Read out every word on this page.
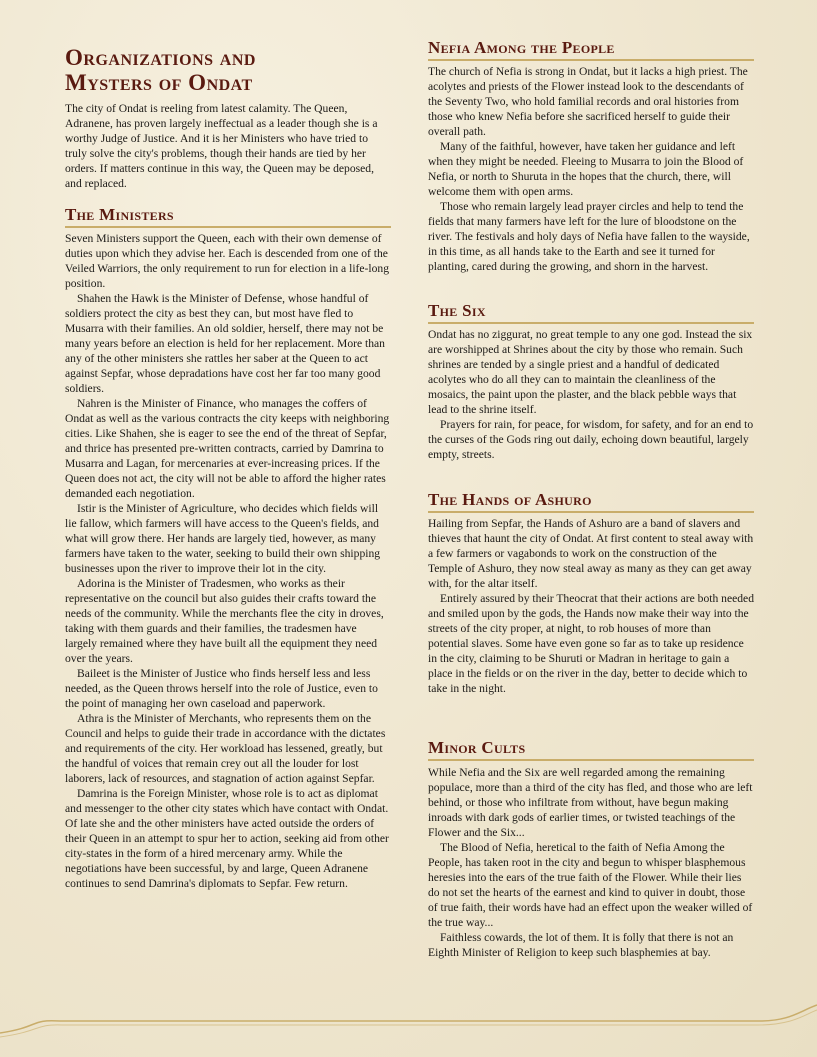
Organizations and
Mysters of Ondat

The city of Ondat is reeling from latest calamity. The Queen, Adranene, has proven largely ineffectual as a leader though she is a worthy Judge of Justice. And it is her Ministers who have tried to truly solve the city's problems, though their hands are tied by her orders. If matters continue in this way, the Queen may be deposed, and replaced.

The Ministers

Seven Ministers support the Queen, each with their own demense of duties upon which they advise her. Each is descended from one of the Veiled Warriors, the only requirement to run for election in a life-long position.

Shahen the Hawk is the Minister of Defense, whose handful of soldiers protect the city as best they can, but most have fled to Musarra with their families. An old soldier, herself, there may not be many years before an election is held for her replacement. More than any of the other ministers she rattles her saber at the Queen to act against Sepfar, whose depradations have cost her far too many good soldiers.

Nahren is the Minister of Finance, who manages the coffers of Ondat as well as the various contracts the city keeps with neighboring cities. Like Shahen, she is eager to see the end of the threat of Sepfar, and thrice has presented pre-written contracts, carried by Damrina to Musarra and Lagan, for mercenaries at ever-increasing prices. If the Queen does not act, the city will not be able to afford the higher rates demanded each negotiation.

Istir is the Minister of Agriculture, who decides which fields will lie fallow, which farmers will have access to the Queen's fields, and what will grow there. Her hands are largely tied, however, as many farmers have taken to the water, seeking to build their own shipping businesses upon the river to improve their lot in the city.

Adorina is the Minister of Tradesmen, who works as their representative on the council but also guides their crafts toward the needs of the community. While the merchants flee the city in droves, taking with them guards and their families, the tradesmen have largely remained where they have built all the equipment they need over the years.

Baileet is the Minister of Justice who finds herself less and less needed, as the Queen throws herself into the role of Justice, even to the point of managing her own caseload and paperwork.

Athra is the Minister of Merchants, who represents them on the Council and helps to guide their trade in accordance with the dictates and requirements of the city. Her workload has lessened, greatly, but the handful of voices that remain crey out all the louder for lost laborers, lack of resources, and stagnation of action against Sepfar.

Damrina is the Foreign Minister, whose role is to act as diplomat and messenger to the other city states which have contact with Ondat. Of late she and the other ministers have acted outside the orders of their Queen in an attempt to spur her to action, seeking aid from other city-states in the form of a hired mercenary army. While the negotiations have been successful, by and large, Queen Adranene continues to send Damrina's diplomats to Sepfar. Few return.

Nefia Among the People

The church of Nefia is strong in Ondat, but it lacks a high priest. The acolytes and priests of the Flower instead look to the descendants of the Seventy Two, who hold familial records and oral histories from those who knew Nefia before she sacrificed herself to guide their overall path.

Many of the faithful, however, have taken her guidance and left when they might be needed. Fleeing to Musarra to join the Blood of Nefia, or north to Shuruta in the hopes that the church, there, will welcome them with open arms.

Those who remain largely lead prayer circles and help to tend the fields that many farmers have left for the lure of bloodstone on the river. The festivals and holy days of Nefia have fallen to the wayside, in this time, as all hands take to the Earth and see it turned for planting, cared during the growing, and shorn in the harvest.

The Six

Ondat has no ziggurat, no great temple to any one god. Instead the six are worshipped at Shrines about the city by those who remain. Such shrines are tended by a single priest and a handful of dedicated acolytes who do all they can to maintain the cleanliness of the mosaics, the paint upon the plaster, and the black pebble ways that lead to the shrine itself.

Prayers for rain, for peace, for wisdom, for safety, and for an end to the curses of the Gods ring out daily, echoing down beautiful, largely empty, streets.

The Hands of Ashuro

Hailing from Sepfar, the Hands of Ashuro are a band of slavers and thieves that haunt the city of Ondat. At first content to steal away with a few farmers or vagabonds to work on the construction of the Temple of Ashuro, they now steal away as many as they can get away with, for the altar itself.

Entirely assured by their Theocrat that their actions are both needed and smiled upon by the gods, the Hands now make their way into the streets of the city proper, at night, to rob houses of more than potential slaves. Some have even gone so far as to take up residence in the city, claiming to be Shuruti or Madran in heritage to gain a place in the fields or on the river in the day, better to decide which to take in the night.

Minor Cults

While Nefia and the Six are well regarded among the remaining populace, more than a third of the city has fled, and those who are left behind, or those who infiltrate from without, have begun making inroads with dark gods of earlier times, or twisted teachings of the Flower and the Six...

The Blood of Nefia, heretical to the faith of Nefia Among the People, has taken root in the city and begun to whisper blasphemous heresies into the ears of the true faith of the Flower. While their lies do not set the hearts of the earnest and kind to quiver in doubt, those of true faith, their words have had an effect upon the weaker willed of the true way...

Faithless cowards, the lot of them. It is folly that there is not an Eighth Minister of Religion to keep such blasphemies at bay.
